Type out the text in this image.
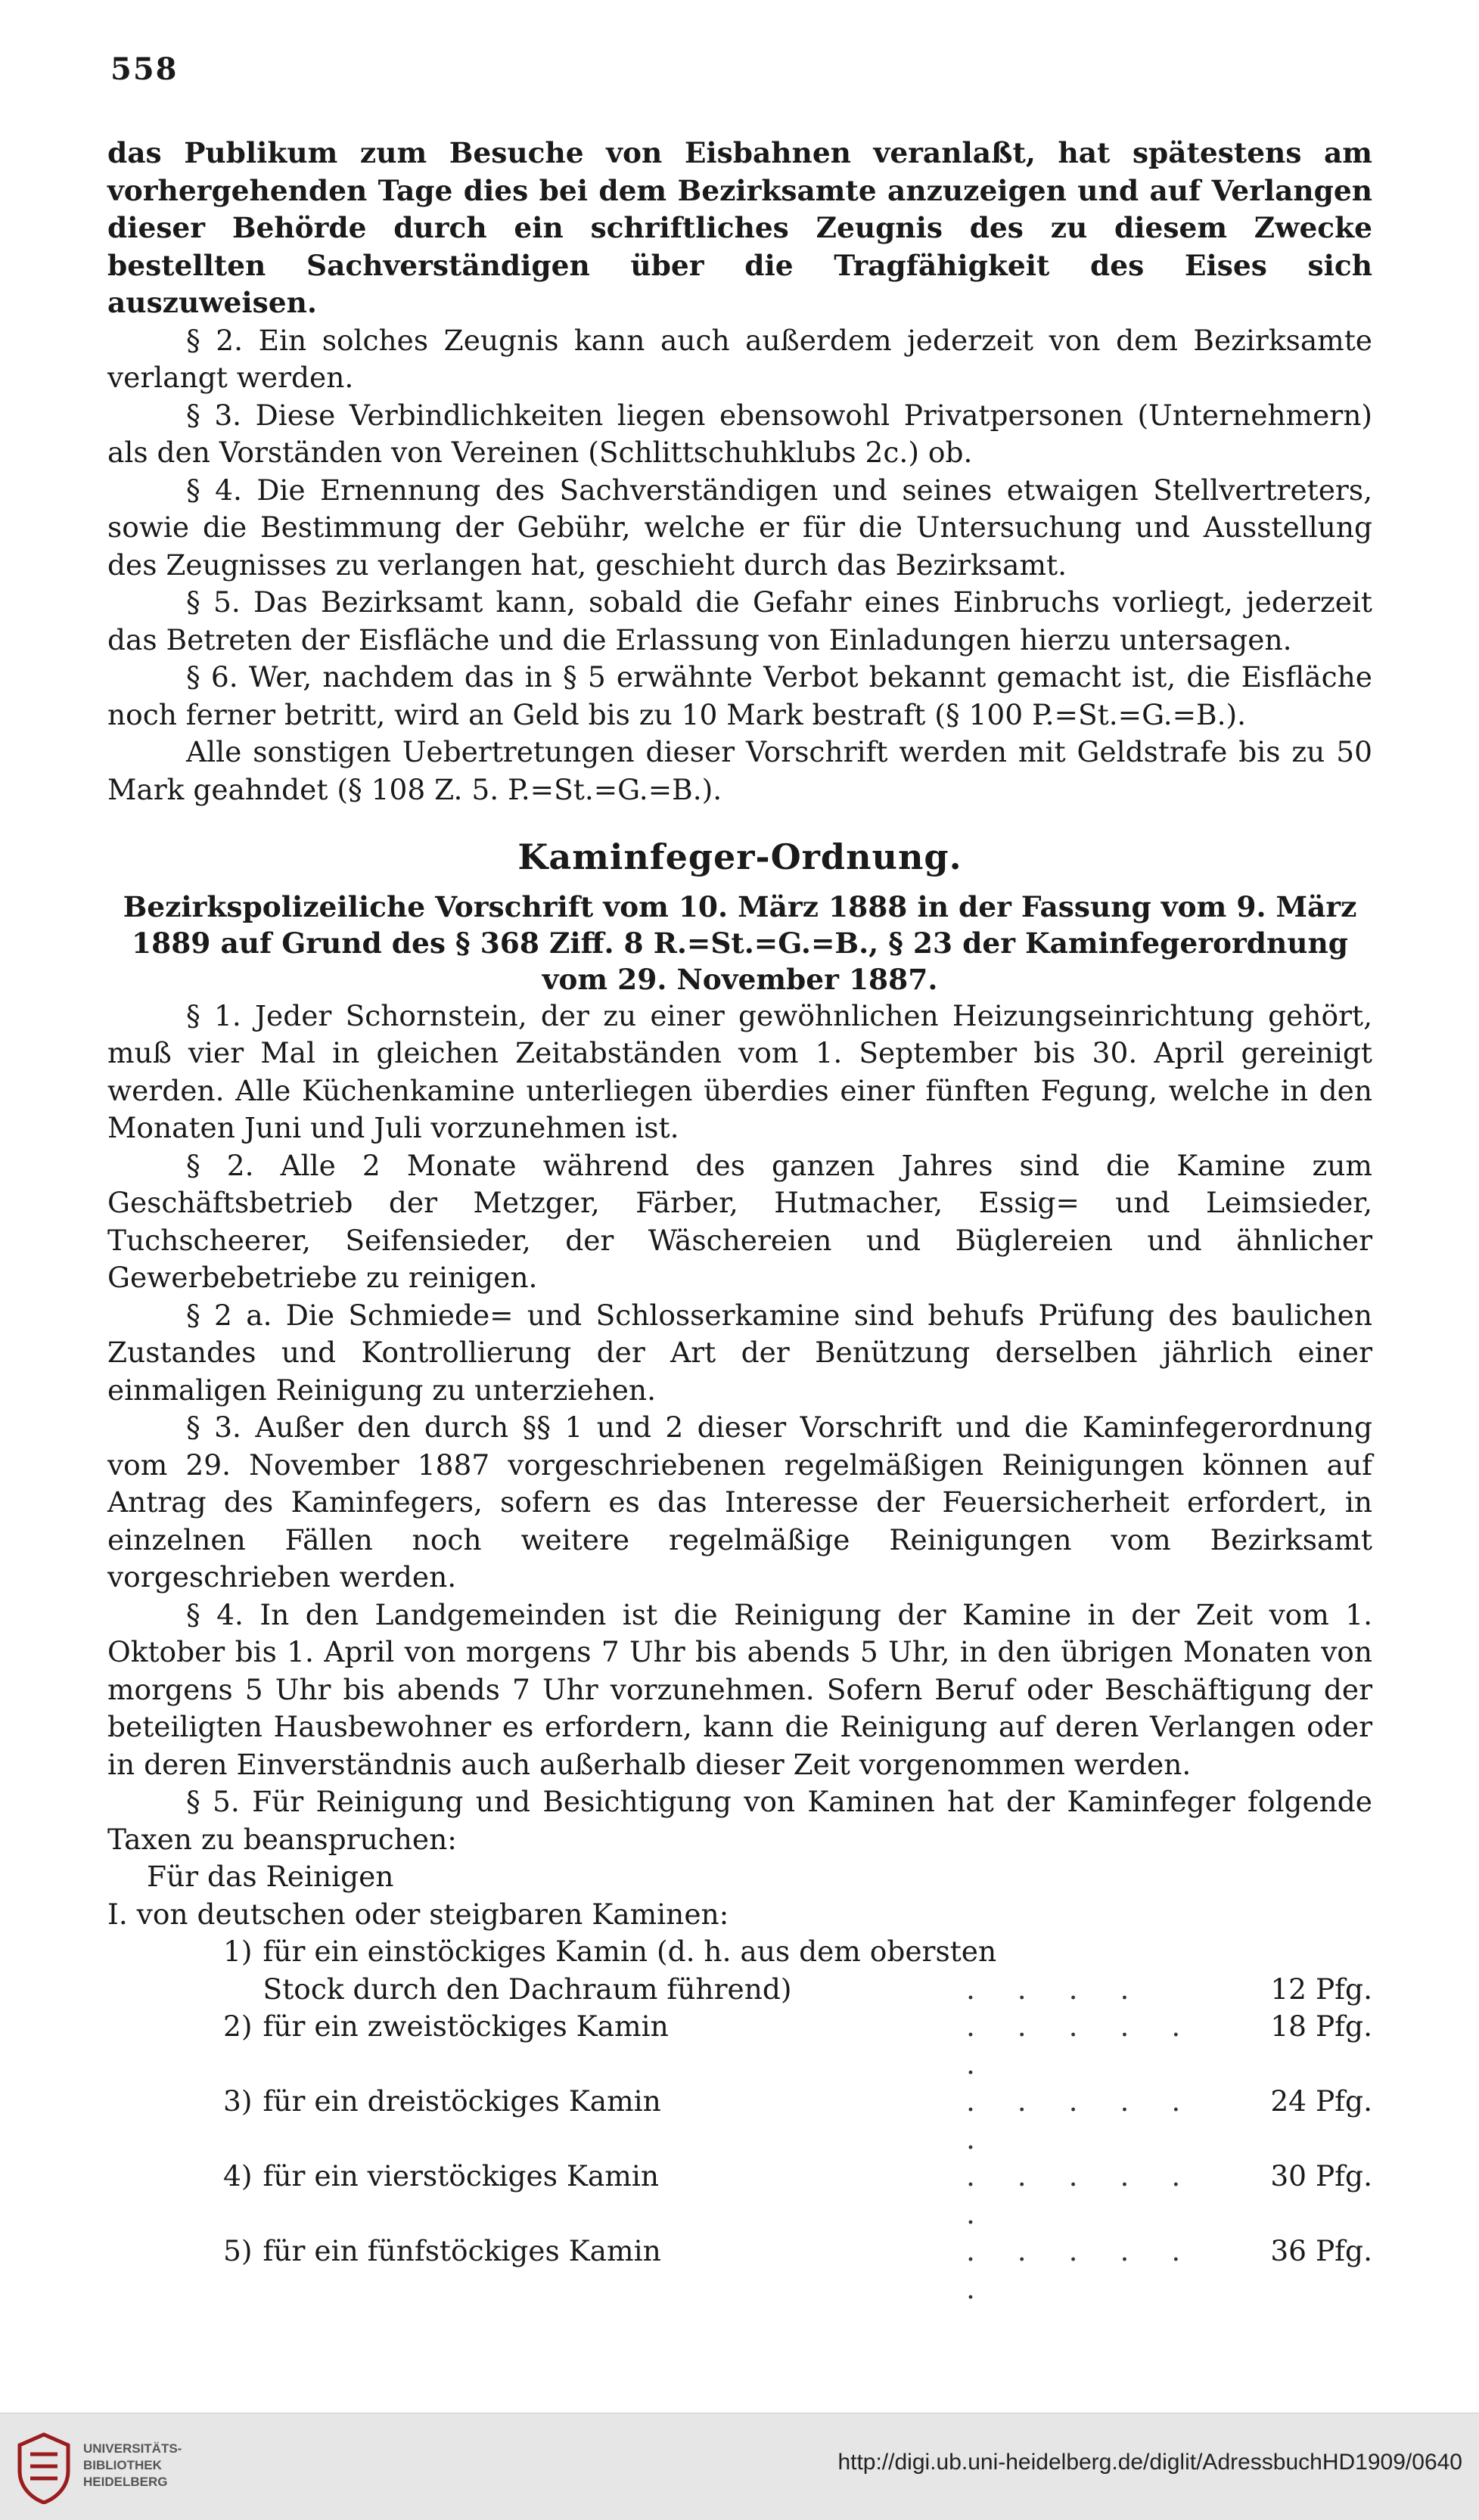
558

das Publikum zum Besuche von Eisbahnen veranlaßt, hat spätestens am vorhergehenden Tage dies bei dem Bezirksamte anzuzeigen und auf Verlangen dieser Behörde durch ein schriftliches Zeugnis des zu diesem Zwecke bestellten Sachverständigen über die Tragfähigkeit des Eises sich auszuweisen.

§ 2. Ein solches Zeugnis kann auch außerdem jederzeit von dem Bezirksamte verlangt werden.

§ 3. Diese Verbindlichkeiten liegen ebensowohl Privatpersonen (Unternehmern) als den Vorständen von Vereinen (Schlittschuhklubs 2c.) ob.

§ 4. Die Ernennung des Sachverständigen und seines etwaigen Stellvertreters, sowie die Bestimmung der Gebühr, welche er für die Untersuchung und Ausstellung des Zeugnisses zu verlangen hat, geschieht durch das Bezirksamt.

§ 5. Das Bezirksamt kann, sobald die Gefahr eines Einbruchs vorliegt, jederzeit das Betreten der Eisfläche und die Erlassung von Einladungen hierzu untersagen.

§ 6. Wer, nachdem das in § 5 erwähnte Verbot bekannt gemacht ist, die Eisfläche noch ferner betritt, wird an Geld bis zu 10 Mark bestraft (§ 100 P.=St.=G.=B.).

Alle sonstigen Uebertretungen dieser Vorschrift werden mit Geldstrafe bis zu 50 Mark geahndet (§ 108 Z. 5. P.=St.=G.=B.).

Kaminfeger-Ordnung.

Bezirkspolizeiliche Vorschrift vom 10. März 1888 in der Fassung vom 9. März 1889 auf Grund des § 368 Ziff. 8 R.=St.=G.=B., § 23 der Kaminfegerordnung vom 29. November 1887.

§ 1. Jeder Schornstein, der zu einer gewöhnlichen Heizungseinrichtung gehört, muß vier Mal in gleichen Zeitabständen vom 1. September bis 30. April gereinigt werden. Alle Küchenkamine unterliegen überdies einer fünften Fegung, welche in den Monaten Juni und Juli vorzunehmen ist.

§ 2. Alle 2 Monate während des ganzen Jahres sind die Kamine zum Geschäftsbetrieb der Metzger, Färber, Hutmacher, Essig= und Leimsieder, Tuchscheerer, Seifensieder, der Wäschereien und Büglereien und ähnlicher Gewerbebetriebe zu reinigen.

§ 2 a. Die Schmiede= und Schlosserkamine sind behufs Prüfung des baulichen Zustandes und Kontrollierung der Art der Benützung derselben jährlich einer einmaligen Reinigung zu unterziehen.

§ 3. Außer den durch §§ 1 und 2 dieser Vorschrift und die Kaminfegerordnung vom 29. November 1887 vorgeschriebenen regelmäßigen Reinigungen können auf Antrag des Kaminfegers, sofern es das Interesse der Feuersicherheit erfordert, in einzelnen Fällen noch weitere regelmäßige Reinigungen vom Bezirksamt vorgeschrieben werden.

§ 4. In den Landgemeinden ist die Reinigung der Kamine in der Zeit vom 1. Oktober bis 1. April von morgens 7 Uhr bis abends 5 Uhr, in den übrigen Monaten von morgens 5 Uhr bis abends 7 Uhr vorzunehmen. Sofern Beruf oder Beschäftigung der beteiligten Hausbewohner es erfordern, kann die Reinigung auf deren Verlangen oder in deren Einverständnis auch außerhalb dieser Zeit vorgenommen werden.

§ 5. Für Reinigung und Besichtigung von Kaminen hat der Kaminfeger folgende Taxen zu beanspruchen:

Für das Reinigen

I. von deutschen oder steigbaren Kaminen:

1)	für ein einstöckiges Kamin (d. h. aus dem obersten		
	Stock durch den Dachraum führend)	. . . .	12 Pfg.
2)	für ein zweistöckiges Kamin	. . . . . .	18 Pfg.
3)	für ein dreistöckiges Kamin	. . . . . .	24 Pfg.
4)	für ein vierstöckiges Kamin	. . . . . .	30 Pfg.
5)	für ein fünfstöckiges Kamin	. . . . . .	36 Pfg.
UNIVERSITÄTS-
BIBLIOTHEK
HEIDELBERG
http://digi.ub.uni-heidelberg.de/diglit/AdressbuchHD1909/0640
